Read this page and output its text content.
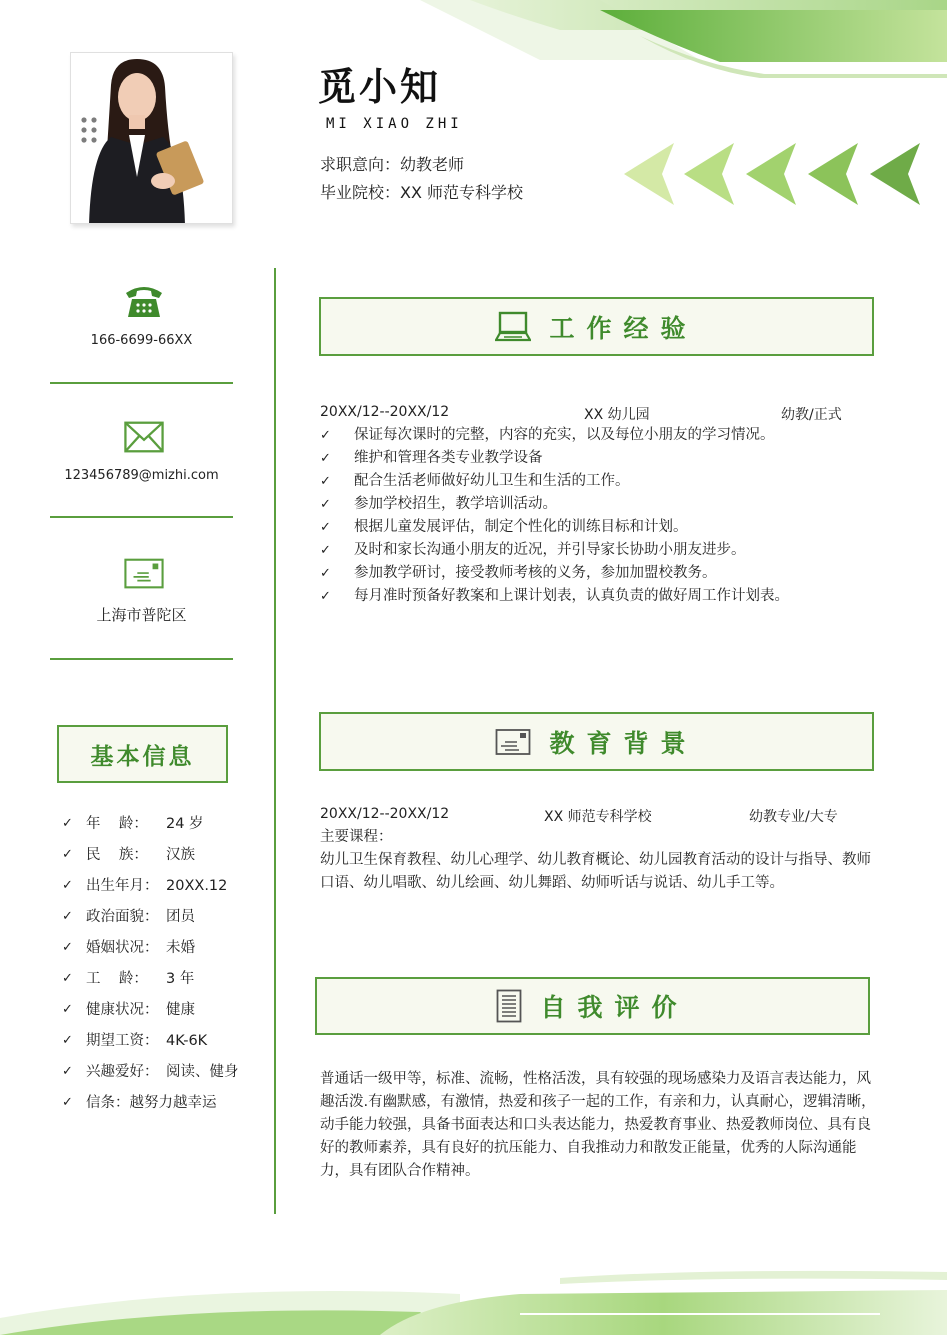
觅小知
MI XIAO ZHI
求职意向：幼教老师
毕业院校：XX 师范专科学校
166-6699-66XX
123456789@mizhi.com
上海市普陀区
基本信息
✓ 年    龄：	24 岁
✓ 民    族：	汉族
✓ 出生年月： 20XX.12
✓ 政治面貌： 团员
✓ 婚姻状况： 未婚
✓ 工    龄：	3 年
✓ 健康状况： 健康
✓ 期望工资： 4K-6K
✓ 兴趣爱好： 阅读、健身
✓ 信条： 越努力越幸运
工作经验
20XX/12--20XX/12	XX 幼儿园	幼教/正式
✓	保证每次课时的完整，内容的充实，以及每位小朋友的学习情况。
✓	维护和管理各类专业教学设备
✓	配合生活老师做好幼儿卫生和生活的工作。
✓	参加学校招生，教学培训活动。
✓	根据儿童发展评估，制定个性化的训练目标和计划。
✓	及时和家长沟通小朋友的近况，并引导家长协助小朋友进步。
✓	参加教学研讨，接受教师考核的义务，参加加盟校教务。
✓	每月准时预备好教案和上课计划表，认真负责的做好周工作计划表。
教育背景
20XX/12--20XX/12	XX 师范专科学校	幼教专业/大专
主要课程：
幼儿卫生保育教程、幼儿心理学、幼儿教育概论、幼儿园教育活动的设计与指导、教师口语、幼儿唱歌、幼儿绘画、幼儿舞蹈、幼师听话与说话、幼儿手工等。
自我评价
普通话一级甲等，标准、流畅，性格活泼，具有较强的现场感染力及语言表达能力，风趣活泼.有幽默感，有激情，热爱和孩子一起的工作，有亲和力，认真耐心，逻辑清晰，动手能力较强，具备书面表达和口头表达能力，热爱教育事业、热爱教师岗位、具有良好的教师素养，具有良好的抗压能力、自我推动力和散发正能量，优秀的人际沟通能力，具有团队合作精神。
